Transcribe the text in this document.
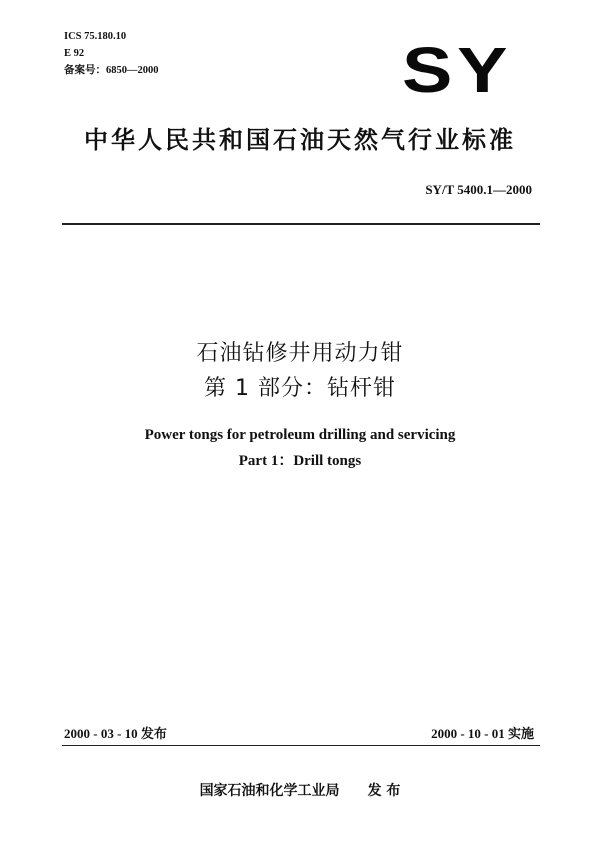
ICS 75.180.10
E 92
备案号：6850—2000	SY
中华人民共和国石油天然气行业标准
SY/T 5400.1—2000
石油钻修井用动力钳
第 1 部分：钻杆钳
Power tongs for petroleum drilling and servicing
Part 1：Drill tongs
2000 - 03 - 10 发布	2000 - 10 - 01 实施
国家石油和化学工业局 发 布
